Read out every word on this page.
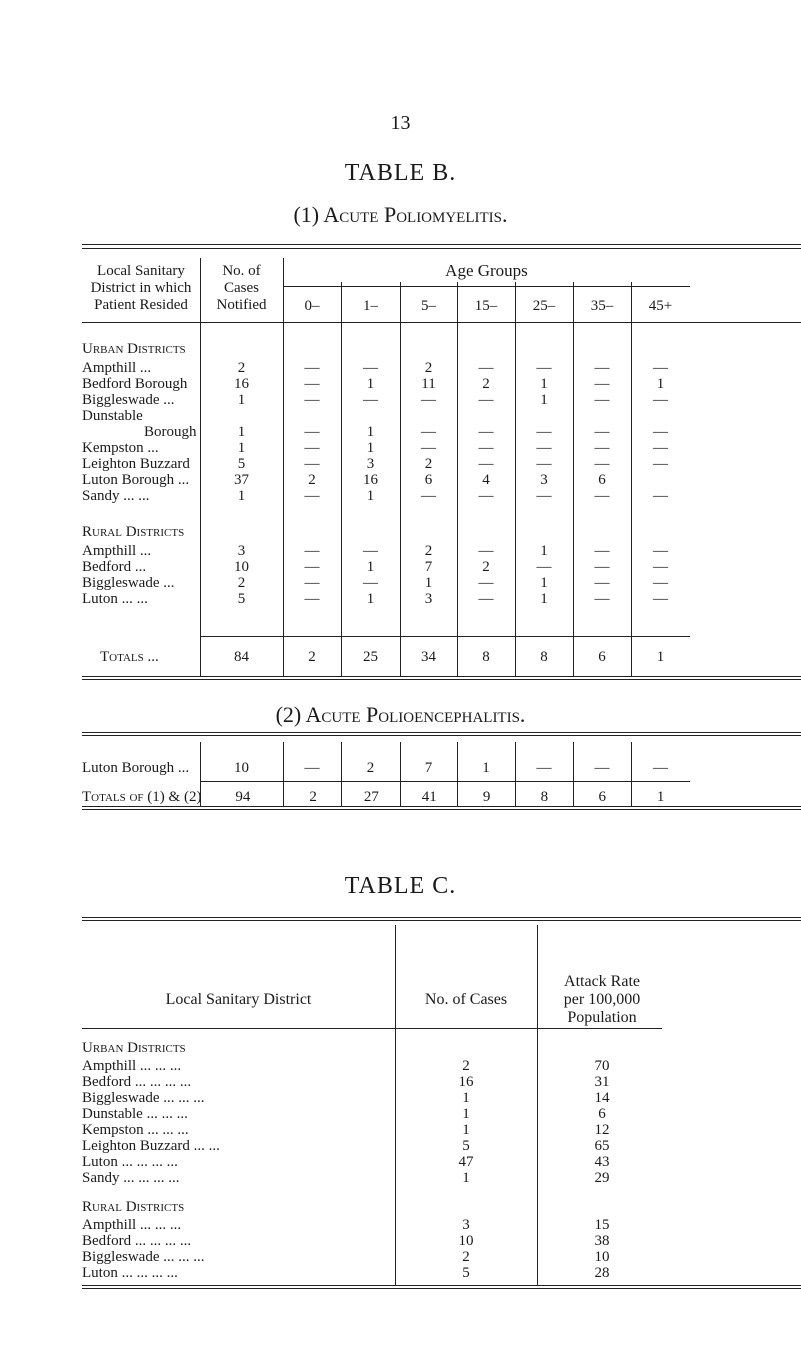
13
TABLE B.
(1) Acute Poliomyelitis.
Local Sanitary
District in which
Patient Resided
No. of
Cases
Notified
Age Groups
0–	1–	5–	15–	25–	35–	45+
Urban Districts
Ampthill ...	2	—	—	2	—	—	—	—
Bedford Borough	16	—	1	11	2	1	—	1
Biggleswade ...	1	—	—	—	—	1	—	—
Dunstable								
Borough	1	—	1	—	—	—	—	—
Kempston ...	1	—	1	—	—	—	—	—
Leighton Buzzard	5	—	3	2	—	—	—	—
Luton Borough ...	37	2	16	6	4	3	6	
Sandy ... ...	1	—	1	—	—	—	—	—
Rural Districts
Ampthill ...	3	—	—	2	—	1	—	—
Bedford ...	10	—	1	7	2	—	—	—
Biggleswade ...	2	—	—	1	—	1	—	—
Luton ... ...	5	—	1	3	—	1	—	—
Totals ...	84	2	25	34	8	8	6	1
(2) Acute Polioencephalitis.
Luton Borough ...	10	—	2	7	1	—	—	—
Totals of (1) & (2)	94	2	27	41	9	8	6	1
TABLE C.
Local Sanitary District	No. of Cases
Attack Rate
per 100,000
Population
Urban Districts
Ampthill ... ... ...	2	70
Bedford ... ... ... ...	16	31
Biggleswade ... ... ...	1	14
Dunstable ... ... ...	1	6
Kempston ... ... ...	1	12
Leighton Buzzard ... ...	5	65
Luton ... ... ... ...	47	43
Sandy ... ... ... ...	1	29
Rural Districts
Ampthill ... ... ...	3	15
Bedford ... ... ... ...	10	38
Biggleswade ... ... ...	2	10
Luton ... ... ... ...	5	28
